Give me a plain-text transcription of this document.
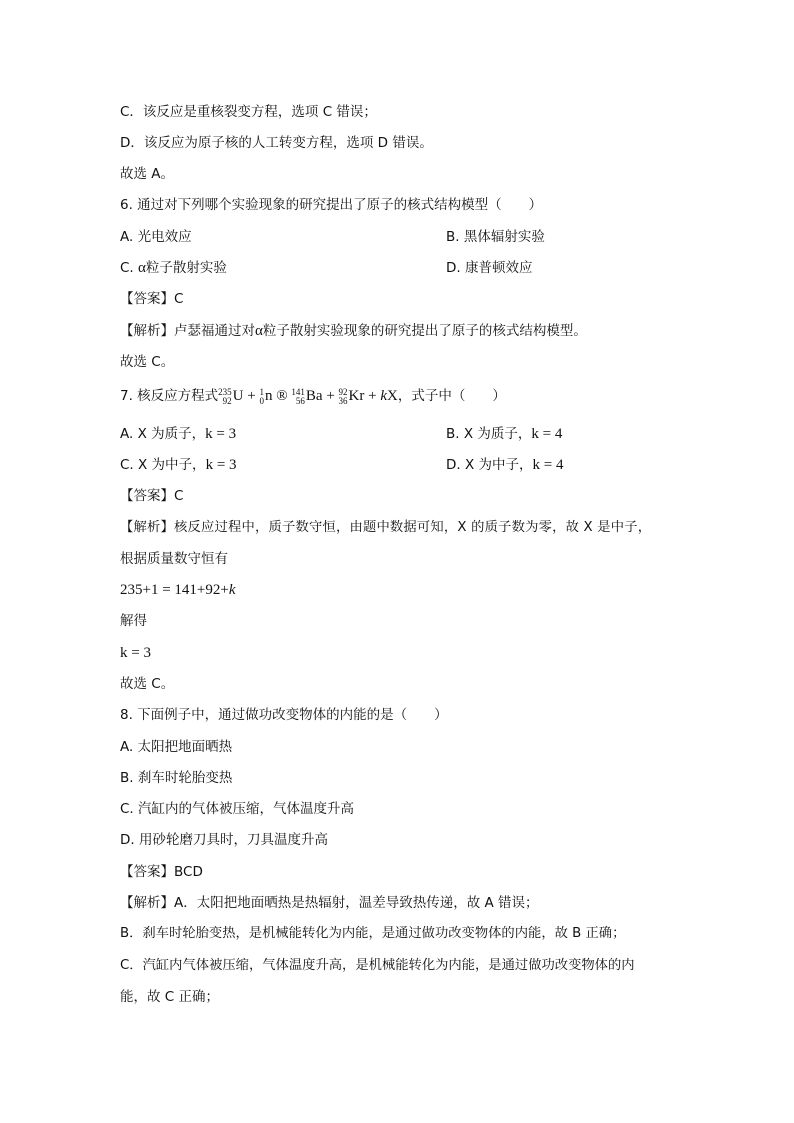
C．该反应是重核裂变方程，选项 C 错误；
D．该反应为原子核的人工转变方程，选项 D 错误。
故选 A。
6. 通过对下列哪个实验现象的研究提出了原子的核式结构模型（　　）
A. 光电效应	B. 黑体辐射实验
C. α粒子散射实验	D. 康普顿效应
【答案】C
【解析】卢瑟福通过对α粒子散射实验现象的研究提出了原子的核式结构模型。
故选 C。
7. 核反应方程式 235
92 U + 1
0 n ® 141
56 Ba + 92
36 Kr + kX，式子中（　　）
A. X 为质子，k = 3	B. X 为质子，k = 4
C. X 为中子，k = 3	D. X 为中子，k = 4
【答案】C
【解析】核反应过程中，质子数守恒，由题中数据可知，X 的质子数为零，故 X 是中子，
根据质量数守恒有
235+1 = 141+92+k
解得
k = 3
故选 C。
8. 下面例子中，通过做功改变物体的内能的是（　　）
A. 太阳把地面晒热
B. 刹车时轮胎变热
C. 汽缸内的气体被压缩，气体温度升高
D. 用砂轮磨刀具时，刀具温度升高
【答案】BCD
【解析】A．太阳把地面晒热是热辐射，温差导致热传递，故 A 错误；
B．刹车时轮胎变热，是机械能转化为内能，是通过做功改变物体的内能，故 B 正确；
C．汽缸内气体被压缩，气体温度升高，是机械能转化为内能，是通过做功改变物体的内
能，故 C 正确；
